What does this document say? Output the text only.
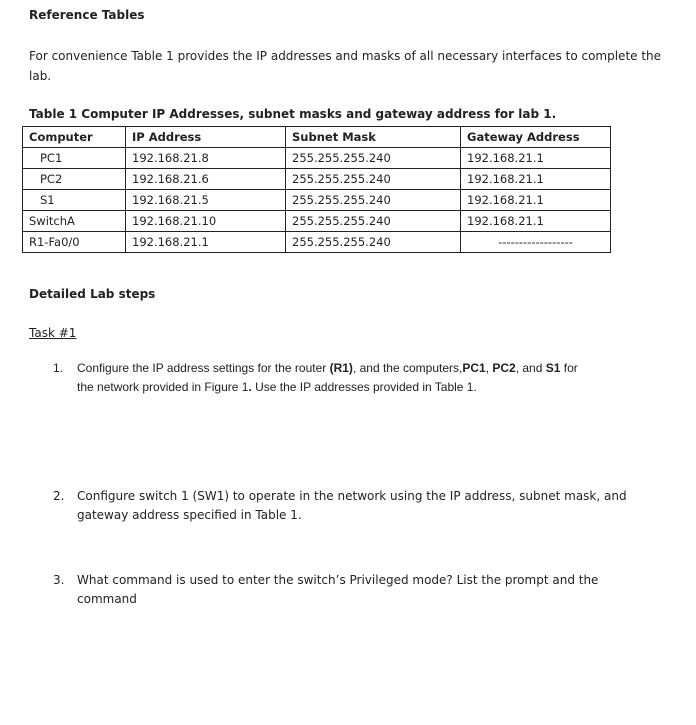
Reference Tables
For convenience Table 1 provides the IP addresses and masks of all necessary interfaces to complete the
lab.
Table 1 Computer IP Addresses, subnet masks and gateway address for lab 1.
Computer	IP Address	Subnet Mask	Gateway Address
PC1	192.168.21.8	255.255.255.240	192.168.21.1
PC2	192.168.21.6	255.255.255.240	192.168.21.1
S1	192.168.21.5	255.255.255.240	192.168.21.1
SwitchA	192.168.21.10	255.255.255.240	192.168.21.1
R1-Fa0/0	192.168.21.1	255.255.255.240	------------------
Detailed Lab steps
Task #1
1. Configure the IP address settings for the router (R1), and the computers,PC1, PC2, and S1 for
the network provided in Figure 1. Use the IP addresses provided in Table 1.
2. Configure switch 1 (SW1) to operate in the network using the IP address, subnet mask, and
gateway address specified in Table 1.
3. What command is used to enter the switch’s Privileged mode? List the prompt and the
command
